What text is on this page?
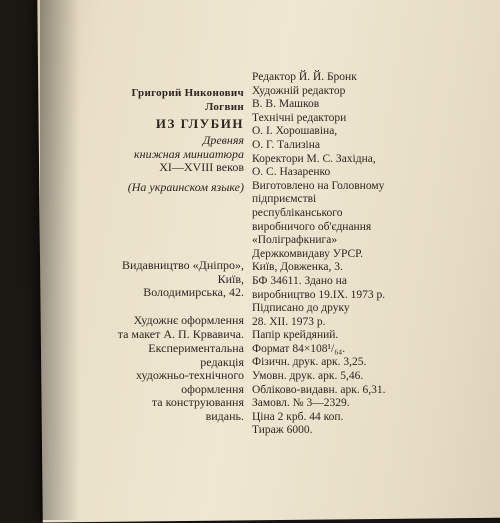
Григорий Никонович
Логвин
ИЗ ГЛУБИН
Древняя
книжная миниатюра
XI—XVIII веков
(На украинском языке)
Видавництво «Дніпро»,
Київ,
Володимирська, 42.
Художнє оформлення
та макет А. П. Крвавича.
Експериментальна
редакція
художньо-технічного
оформлення
та конструювання
видань.
Редактор Й. Й. Бронк
Художній редактор
В. В. Машков
Технічні редактори
О. І. Хорошавіна,
О. Г. Тализіна
Коректори М. С. Західна,
О. С. Назаренко
Виготовлено на Головному
підприємстві
республіканського
виробничого об'єднання
«Поліграфкнига»
Держкомвидаву УРСР.
Київ, Довженка, 3.
БФ 34611. Здано на
виробництво 19.IX. 1973 р.
Підписано до друку
28. XII. 1973 р.
Папір крейдяний.
Формат 84×108¹/₆₄.
Фізичн. друк. арк. 3,25.
Умовн. друк. арк. 5,46.
Обліково-видавн. арк. 6,31.
Замовл. № 3—2329.
Ціна 2 крб. 44 коп.
Тираж 6000.
